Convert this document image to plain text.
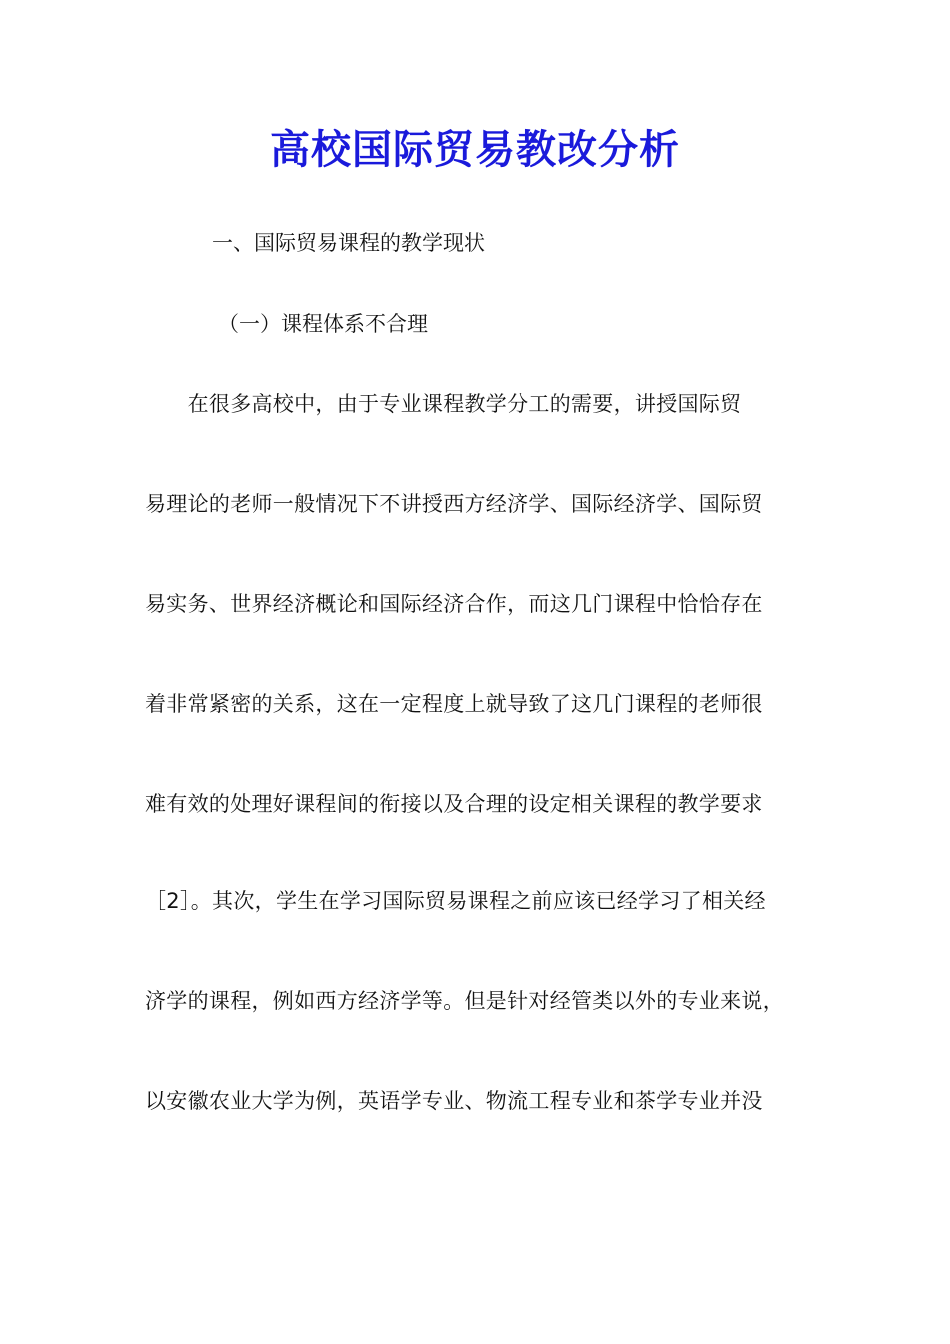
高校国际贸易教改分析
一、国际贸易课程的教学现状
（一）课程体系不合理
　　在很多高校中，由于专业课程教学分工的需要，讲授国际贸
易理论的老师一般情况下不讲授西方经济学、国际经济学、国际贸
易实务、世界经济概论和国际经济合作，而这几门课程中恰恰存在
着非常紧密的关系，这在一定程度上就导致了这几门课程的老师很
难有效的处理好课程间的衔接以及合理的设定相关课程的教学要求
［2］。其次，学生在学习国际贸易课程之前应该已经学习了相关经
济学的课程，例如西方经济学等。但是针对经管类以外的专业来说，
以安徽农业大学为例，英语学专业、物流工程专业和茶学专业并没
